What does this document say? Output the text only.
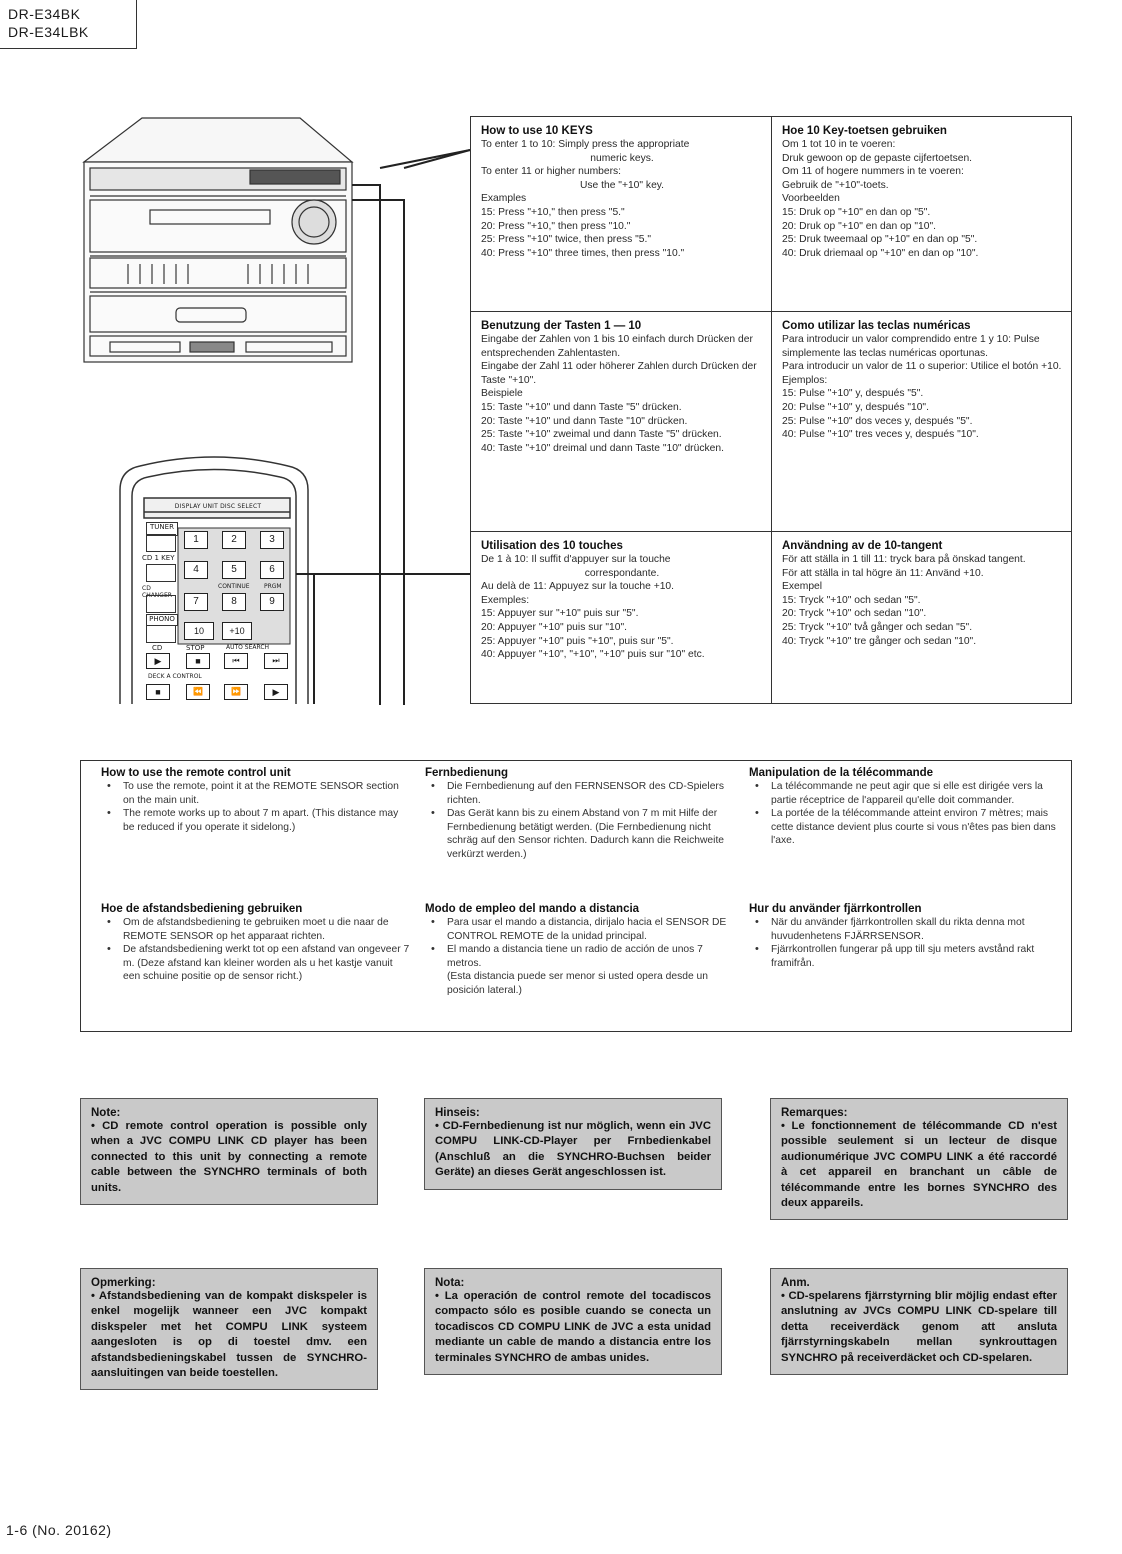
DR-E34BK
DR-E34LBK
DISPLAY UNIT DISC SELECT
TUNER
CD 1 KEY
CD CHANGER
PHONO
1	2	3
4	5	6
CONTINUE	PRGM
7	8	9
10	+10
CD	STOP	AUTO SEARCH
▶	■	⏮	⏭
DECK A CONTROL
■	⏪	⏩	▶
How to use 10 KEYS

To enter 1 to 10: Simply press the appropriate

numeric keys.

To enter 11 or higher numbers:

Use the "+10" key.

Examples

15: Press "+10," then press "5."

20: Press "+10," then press "10."

25: Press "+10" twice, then press "5."

40: Press "+10" three times, then press "10."

Hoe 10 Key-toetsen gebruiken

Om 1 tot 10 in te voeren:

Druk gewoon op de gepaste cijfertoetsen.

Om 11 of hogere nummers in te voeren:

Gebruik de "+10"-toets.

Voorbeelden

15: Druk op "+10" en dan op "5".

20: Druk op "+10" en dan op "10".

25: Druk tweemaal op "+10" en dan op "5".

40: Druk driemaal op "+10" en dan op "10".

Benutzung der Tasten 1 — 10

Eingabe der Zahlen von 1 bis 10 einfach durch Drücken der entsprechenden Zahlentasten.

Eingabe der Zahl 11 oder höherer Zahlen durch Drücken der Taste "+10".

Beispiele

15: Taste "+10" und dann Taste "5" drücken.

20: Taste "+10" und dann Taste "10" drücken.

25: Taste "+10" zweimal und dann Taste "5" drücken.

40: Taste "+10" dreimal und dann Taste "10" drücken.

Como utilizar las teclas numéricas

Para introducir un valor comprendido entre 1 y 10: Pulse simplemente las teclas numéricas oportunas.

Para introducir un valor de 11 o superior: Utilice el botón +10.

Ejemplos:

15: Pulse "+10" y, después "5".

20: Pulse "+10" y, después "10".

25: Pulse "+10" dos veces y, después "5".

40: Pulse "+10" tres veces y, después "10".

Utilisation des 10 touches

De 1 à 10: Il suffit d'appuyer sur la touche

correspondante.

Au delà de 11: Appuyez sur la touche +10.

Exemples:

15: Appuyer sur "+10" puis sur "5".

20: Appuyer "+10" puis sur "10".

25: Appuyer "+10" puis "+10", puis sur "5".

40: Appuyer "+10", "+10", "+10" puis sur "10" etc.

Användning av de 10-tangent

För att ställa in 1 till 11: tryck bara på önskad tangent.

För att ställa in tal högre än 11: Använd +10.

Exempel

15: Tryck "+10" och sedan "5".

20: Tryck "+10" och sedan "10".

25: Tryck "+10" två gånger och sedan "5".

40: Tryck "+10" tre gånger och sedan "10".

How to use the remote control unit
• To use the remote, point it at the REMOTE SENSOR section on the main unit.
• The remote works up to about 7 m apart. (This distance may be reduced if you operate it sidelong.)
Fernbedienung
• Die Fernbedienung auf den FERNSENSOR des CD-Spielers richten.
• Das Gerät kann bis zu einem Abstand von 7 m mit Hilfe der Fernbedienung betätigt werden. (Die Fernbedienung nicht schräg auf den Sensor richten. Dadurch kann die Reichweite verkürzt werden.)
Manipulation de la télécommande
• La télécommande ne peut agir que si elle est dirigée vers la partie réceptrice de l'appareil qu'elle doit commander.
• La portée de la télécommande atteint environ 7 mètres; mais cette distance devient plus courte si vous n'êtes pas bien dans l'axe.
Hoe de afstandsbediening gebruiken
• Om de afstandsbediening te gebruiken moet u die naar de REMOTE SENSOR op het apparaat richten.
• De afstandsbediening werkt tot op een afstand van ongeveer 7 m. (Deze afstand kan kleiner worden als u het kastje vanuit een schuine positie op de sensor richt.)
Modo de empleo del mando a distancia
• Para usar el mando a distancia, dirijalo hacia el SENSOR DE CONTROL REMOTE de la unidad principal.
• El mando a distancia tiene un radio de acción de unos 7 metros.
(Esta distancia puede ser menor si usted opera desde un posición lateral.)
Hur du använder fjärrkontrollen
• När du använder fjärrkontrollen skall du rikta denna mot huvudenhetens FJÄRRSENSOR.
• Fjärrkontrollen fungerar på upp till sju meters avstånd rakt framifrån.
Note:

• CD remote control operation is possible only when a JVC COMPU LINK CD player has been connected to this unit by connecting a remote cable between the SYNCHRO terminals of both units.

Hinseis:

• CD-Fernbedienung ist nur möglich, wenn ein JVC COMPU LINK-CD-Player per Frnbedienkabel (Anschluß an die SYNCHRO-Buchsen beider Geräte) an dieses Gerät angeschlossen ist.

Remarques:

• Le fonctionnement de télécommande CD n'est possible seulement si un lecteur de disque audionumérique JVC COMPU LINK a été raccordé à cet appareil en branchant un câble de télécommande entre les bornes SYNCHRO des deux appareils.

Opmerking:

• Afstandsbediening van de kompakt diskspeler is enkel mogelijk wanneer een JVC kompakt diskspeler met het COMPU LINK systeem aangesloten is op di toestel dmv. een afstandsbedieningskabel tussen de SYNCHRO-aansluitingen van beide toestellen.

Nota:

• La operación de control remote del tocadiscos compacto sólo es posible cuando se conecta un tocadiscos CD COMPU LINK de JVC a esta unidad mediante un cable de mando a distancia entre los terminales SYNCHRO de ambas unides.

Anm.

• CD-spelarens fjärrstyrning blir möjlig endast efter anslutning av JVCs COMPU LINK CD-spelare till detta receiverdäck genom att ansluta fjärrstyrningskabeln mellan synkrouttagen SYNCHRO på receiverdäcket och CD-spelaren.

1-6 (No. 20162)
